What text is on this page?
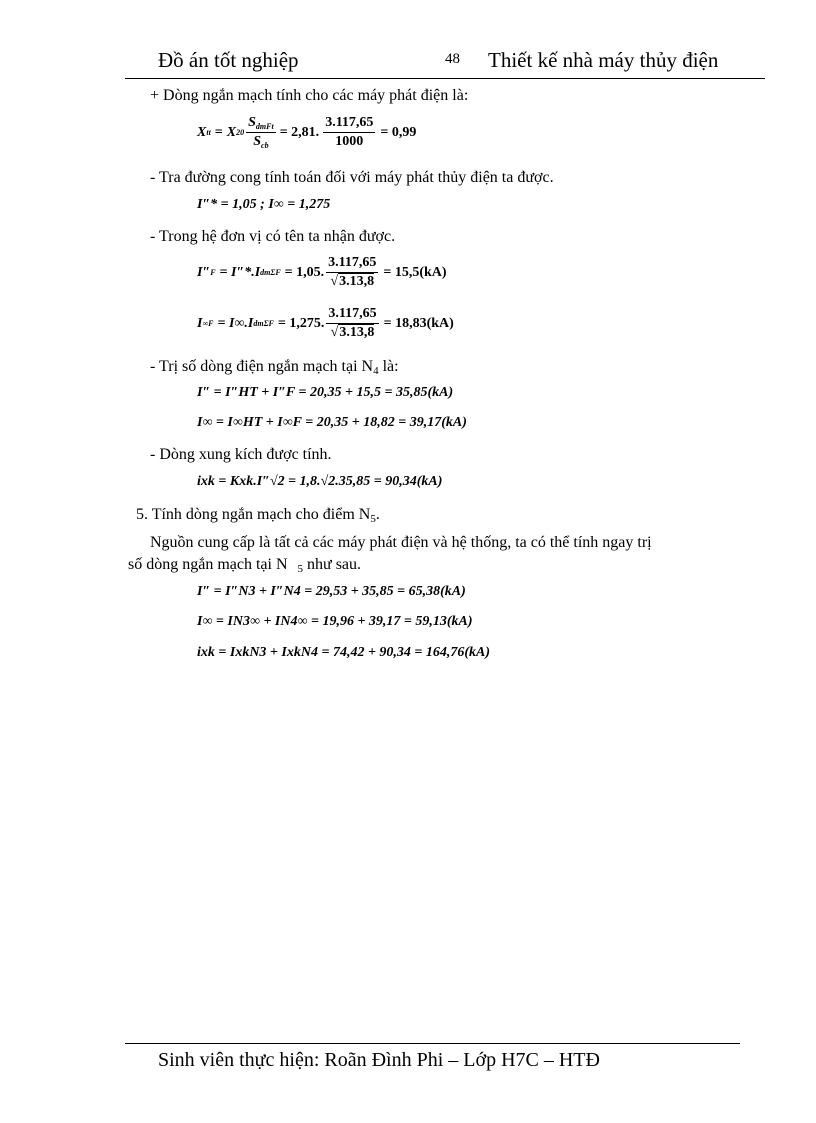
Đồ án tốt nghiệp	48 Thiết kế nhà máy thủy điện
+ Dòng ngắn mạch tính cho các máy phát điện là:
X tt = X $20 \frac{S_{dmFt}}{S_{cb}} = 2,81$. $\frac{3.117,65}{1000} = 0,99$
- Tra đường cong tính toán đối với máy phát thủy điện ta được.
I″* = 1,05 ; I∞ = 1,275
- Trong hệ đơn vị có tên ta nhận được.
I″ F = I″*.I dmΣF = 1,05. $\frac{3.117,65}{√3.13,8} = 15,5(kA)$
I ∞F = I∞.I dmΣF = 1,275. $\frac{3.117,65}{√3.13,8} = 18,83(kA)$
- Trị số dòng điện ngắn mạch tại $N_4$ là:
I″ = I″HT + I″F = 20,35 + 15,5 = 35,85(kA)
I∞ = I∞HT + I∞F = 20,35 + 18,82 = 39,17(kA)
- Dòng xung kích được tính.
ixk = Kxk.I″√2 = 1,8.√2.35,85 = 90,34(kA)
5. Tính dòng ngắn mạch cho điểm $N_5$.
Nguồn cung cấp là tất cả các máy phát điện và hệ thống, ta có thể tính ngay trị
số dòng ngắn mạch tại N $_5$ như sau.
I″ = I″N3 + I″N4 = 29,53 + 35,85 = 65,38(kA)
I∞ = IN3∞ + IN4∞ = 19,96 + 39,17 = 59,13(kA)
ixk = IxkN3 + IxkN4 = 74,42 + 90,34 = 164,76(kA)
Sinh viên thực hiện: Roãn Đình Phi – Lớp H7C – HTĐ
